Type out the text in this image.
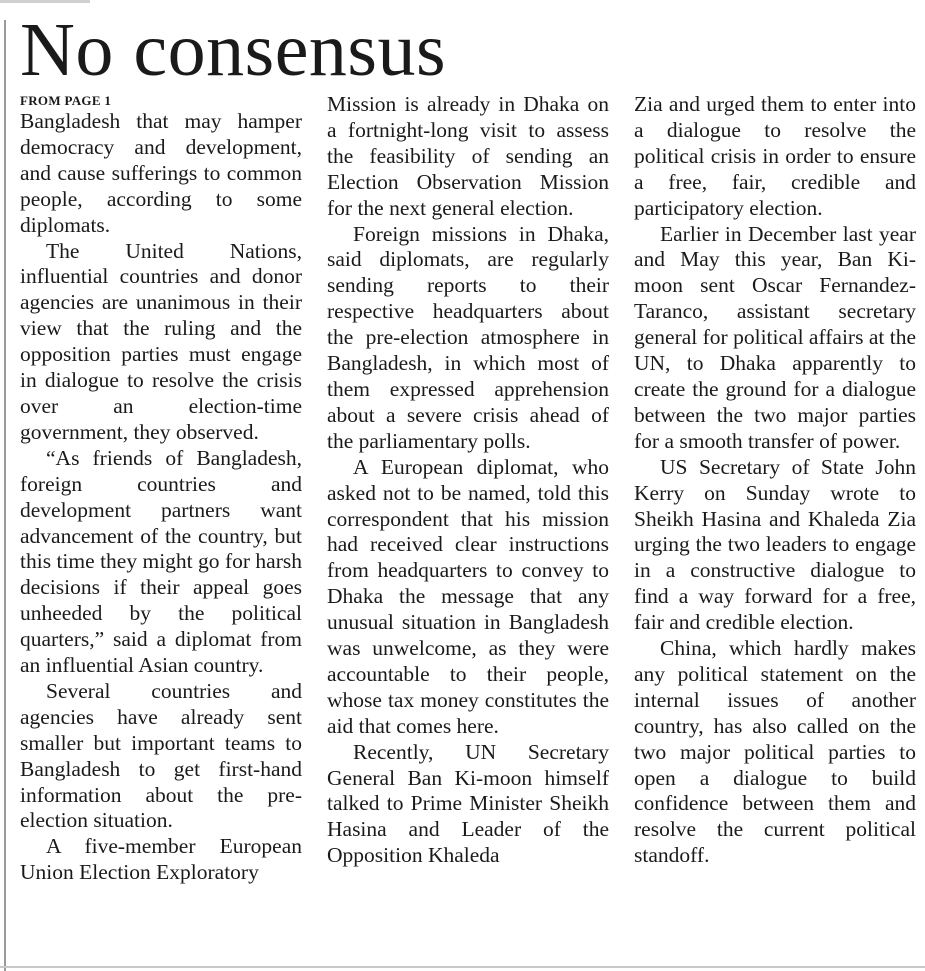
No consensus
FROM PAGE 1

Bangladesh that may hamper democracy and development, and cause sufferings to common people, according to some diplomats.

The United Nations, influential countries and donor agencies are unanimous in their view that the ruling and the opposition parties must engage in dialogue to resolve the crisis over an election-time government, they observed.

“As friends of Bangladesh, foreign countries and development partners want advancement of the country, but this time they might go for harsh decisions if their appeal goes unheeded by the political quarters,” said a diplomat from an influential Asian country.

Several countries and agencies have already sent smaller but important teams to Bangladesh to get first-hand information about the pre-election situation.

A five-member European Union Election Exploratory

Mission is already in Dhaka on a fortnight-long visit to assess the feasibility of sending an Election Observation Mission for the next general election.

Foreign missions in Dhaka, said diplomats, are regularly sending reports to their respective headquarters about the pre-election atmosphere in Bangladesh, in which most of them expressed apprehension about a severe crisis ahead of the parliamentary polls.

A European diplomat, who asked not to be named, told this correspondent that his mission had received clear instructions from headquarters to convey to Dhaka the message that any unusual situation in Bangladesh was unwelcome, as they were accountable to their people, whose tax money constitutes the aid that comes here.

Recently, UN Secretary General Ban Ki-moon himself talked to Prime Minister Sheikh Hasina and Leader of the Opposition Khaleda

Zia and urged them to enter into a dialogue to resolve the political crisis in order to ensure a free, fair, credible and participatory election.

Earlier in December last year and May this year, Ban Ki-moon sent Oscar Fernandez-Taranco, assistant secretary general for political affairs at the UN, to Dhaka apparently to create the ground for a dialogue between the two major parties for a smooth transfer of power.

US Secretary of State John Kerry on Sunday wrote to Sheikh Hasina and Khaleda Zia urging the two leaders to engage in a constructive dialogue to find a way forward for a free, fair and credible election.

China, which hardly makes any political statement on the internal issues of another country, has also called on the two major political parties to open a dialogue to build confidence between them and resolve the current political standoff.
